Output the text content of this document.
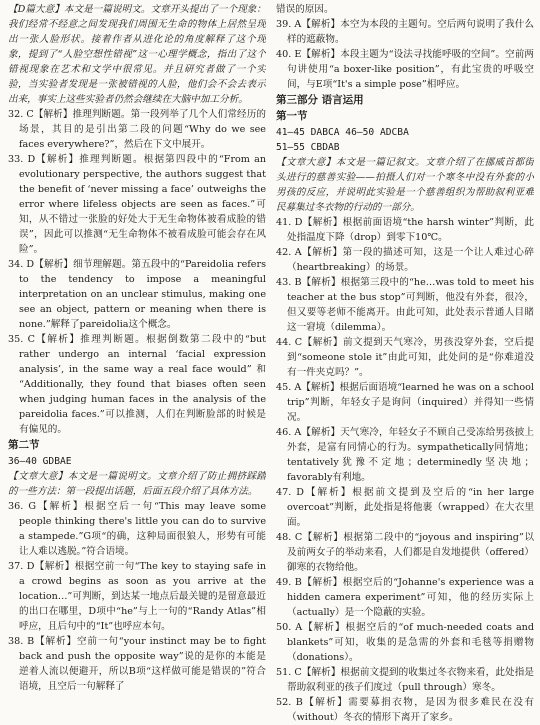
【D篇大意】本文是一篇说明文。文章开头提出了一个现象：我们经常不经意之间发现我们周围无生命的物体上居然呈现出一张人脸形状。接着作者从进化论的角度解释了这个现象，提到了“人脸空想性错视”这一心理学概念，指出了这个错视现象在艺术和文学中很常见。并且研究者做了一个实验，当实验者发现是一张被错视的人脸，他们会不会去表示出来，事实上这些实验者仍然会继续在大脑中加工分析。

32. C【解析】推理判断题。第一段列举了几个人们常经历的场景，其目的是引出第二段的问题“Why do we see faces everywhere?”，然后在下文中展开。

33. D【解析】推理判断题。根据第四段中的“From an evolutionary perspective, the authors suggest that the benefit of ‘never missing a face’ outweighs the error where lifeless objects are seen as faces.”可知，从不错过一张脸的好处大于无生命物体被看成脸的错误”，因此可以推测“无生命物体不被看成脸可能会存在风险”。

34. D【解析】细节理解题。第五段中的“Pareidolia refers to the tendency to impose a meaningful interpretation on an unclear stimulus, making one see an object, pattern or meaning when there is none.”解释了pareidolia这个概念。

35. C【解析】推理判断题。根据倒数第二段中的“but rather undergo an internal ‘facial expression analysis’, in the same way a real face would” 和 “Additionally, they found that biases often seen when judging human faces in the analysis of the pareidolia faces.”可以推测，人们在判断脸部的时候是有偏见的。

第二节

36—40 GDBAE

【文章大意】本文是一篇说明文。文章介绍了防止拥挤踩踏的一些方法：第一段提出话题，后面五段介绍了具体方法。

36. G【解析】根据空后一句“This may leave some people thinking there's little you can do to survive a stampede.”G项“的确，这种局面很狼人，形势有可能让人难以逃脱。”符合语境。

37. D【解析】根据空前一句“The key to staying safe in a crowd begins as soon as you arrive at the location…”可判断，到达某一地点后最关键的是留意最近的出口在哪里，D项中“he”与上一句的“Randy Atlas”相呼应，且后句中的“It”也呼应本句。

38. B【解析】空前一句“your instinct may be to fight back and push the opposite way”说的是你的本能是逆着人流以便避开，所以B项“这样做可能是错误的”符合语境，且空后一句解释了

错误的原因。

39. A【解析】本空为本段的主题句。空后两句说明了我什么样的遮蔽物。

40. E【解析】本段主题为“设法寻找能呼吸的空间”。空前两句讲使用“a boxer-like position”，有此宝贵的呼吸空间，与E项“It's a simple pose”相呼应。

第三部分 语言运用

第一节

41—45 DABCA 46—50 ADCBA

51—55 CBDAB

【文章大意】本文是一篇记叙文。文章介绍了在挪威首都街头进行的慈善实验——拍摄人们对一个寒冬中没有外套的小男孩的反应，并说明此实验是一个慈善组织为帮助叙利亚难民募集过冬衣物的行动的一部分。

41. D【解析】根据前面语境“the harsh winter”判断，此处指温度下降（drop）到零下10℃。

42. A【解析】第一段的描述可知，这是一个让人难过心碎（heartbreaking）的场景。

43. B【解析】根据第三段中的“he…was told to meet his teacher at the bus stop”可判断，他没有外套，很冷，但又要等老师不能离开。由此可知，此处表示普通人目睹这一窘境（dilemma）。

44. C【解析】前文提到天气寒冷，男孩没穿外套，空后提到“someone stole it”由此可知，此处问的是“你难道没有一件夹克吗？”。

45. A【解析】根据后面语境“learned he was on a school trip”判断，年轻女子是询问（inquired）并得知一些情况。

46. A【解析】天气寒冷，年轻女子不顾自己受冻给男孩披上外套，是富有同情心的行为。sympathetically同情地；tentatively犹豫不定地；determinedly坚决地；favorably有利地。

47. D【解析】根据前文提到及空后的“in her large overcoat”判断，此处指是将他裹（wrapped）在大衣里面。

48. C【解析】根据第二段中的“joyous and inspiring”以及前两女子的举动来看，人们都是自发地提供（offered）御寒的衣物给他。

49. B【解析】根据空后的“Johanne's experience was a hidden camera experiment”可知，他的经历实际上（actually）是一个隐蔽的实验。

50. A【解析】根据空后的“of much-needed coats and blankets”可知，收集的是急需的外套和毛毯等捐赠物（donations）。

51. C【解析】根据前文提到的收集过冬衣物来看，此处指是帮助叙利亚的孩子们度过（pull through）寒冬。

52. B【解析】需要募捐衣物，是因为很多难民在没有（without）冬衣的情形下离开了家乡。
